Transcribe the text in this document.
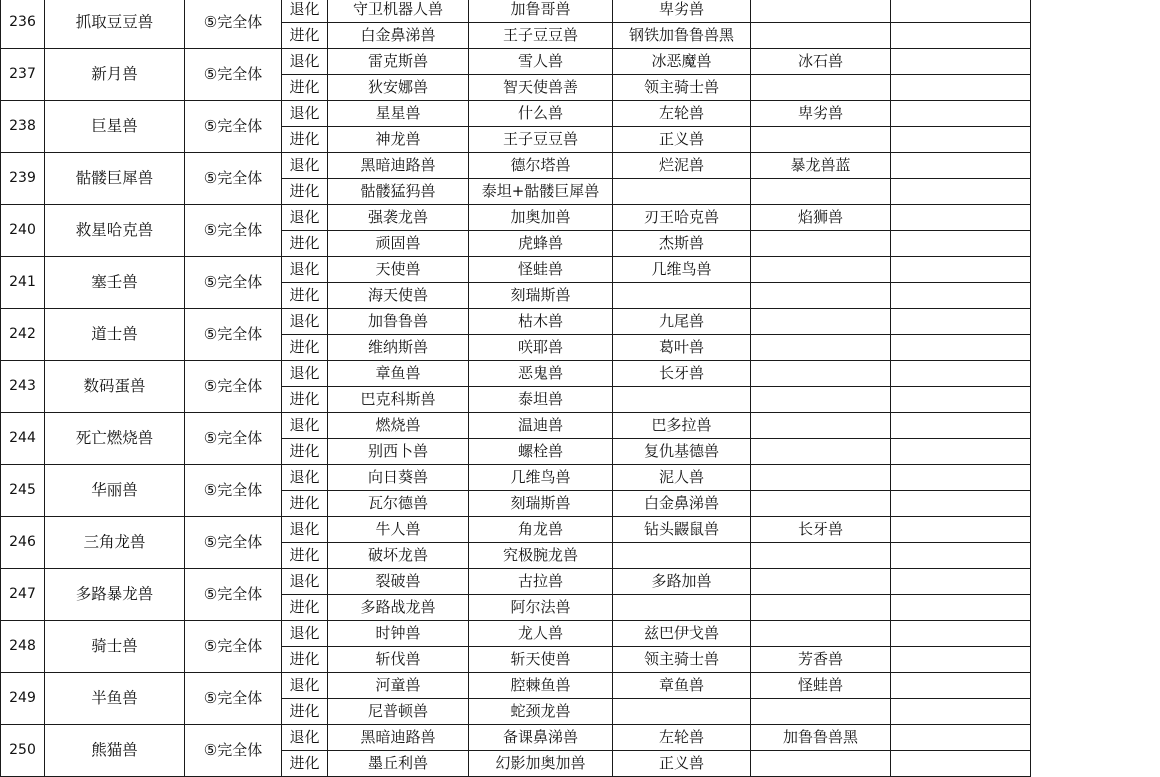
236	抓取豆豆兽	⑤完全体	退化	守卫机器人兽	加鲁哥兽	卑劣兽		
			进化	白金鼻涕兽	王子豆豆兽	钢铁加鲁鲁兽黑		
237	新月兽	⑤完全体	退化	雷克斯兽	雪人兽	冰恶魔兽	冰石兽	
			进化	狄安娜兽	智天使兽善	领主骑士兽		
238	巨星兽	⑤完全体	退化	星星兽	什么兽	左轮兽	卑劣兽	
			进化	神龙兽	王子豆豆兽	正义兽		
239	骷髅巨犀兽	⑤完全体	退化	黑暗迪路兽	德尔塔兽	烂泥兽	暴龙兽蓝	
			进化	骷髅猛犸兽	泰坦+骷髅巨犀兽			
240	救星哈克兽	⑤完全体	退化	强袭龙兽	加奥加兽	刃王哈克兽	焰狮兽	
			进化	顽固兽	虎蜂兽	杰斯兽		
241	塞壬兽	⑤完全体	退化	天使兽	怪蛙兽	几维鸟兽		
			进化	海天使兽	刻瑞斯兽			
242	道士兽	⑤完全体	退化	加鲁鲁兽	枯木兽	九尾兽		
			进化	维纳斯兽	咲耶兽	葛叶兽		
243	数码蛋兽	⑤完全体	退化	章鱼兽	恶鬼兽	长牙兽		
			进化	巴克科斯兽	泰坦兽			
244	死亡燃烧兽	⑤完全体	退化	燃烧兽	温迪兽	巴多拉兽		
			进化	别西卜兽	螺栓兽	复仇基德兽		
245	华丽兽	⑤完全体	退化	向日葵兽	几维鸟兽	泥人兽		
			进化	瓦尔德兽	刻瑞斯兽	白金鼻涕兽		
246	三角龙兽	⑤完全体	退化	牛人兽	角龙兽	钻头鼹鼠兽	长牙兽	
			进化	破坏龙兽	究极腕龙兽			
247	多路暴龙兽	⑤完全体	退化	裂破兽	古拉兽	多路加兽		
			进化	多路战龙兽	阿尔法兽			
248	骑士兽	⑤完全体	退化	时钟兽	龙人兽	兹巴伊戈兽		
			进化	斩伐兽	斩天使兽	领主骑士兽	芳香兽	
249	半鱼兽	⑤完全体	退化	河童兽	腔棘鱼兽	章鱼兽	怪蛙兽	
			进化	尼普顿兽	蛇颈龙兽			
250	熊猫兽	⑤完全体	退化	黑暗迪路兽	备课鼻涕兽	左轮兽	加鲁鲁兽黑	
			进化	墨丘利兽	幻影加奥加兽	正义兽		
